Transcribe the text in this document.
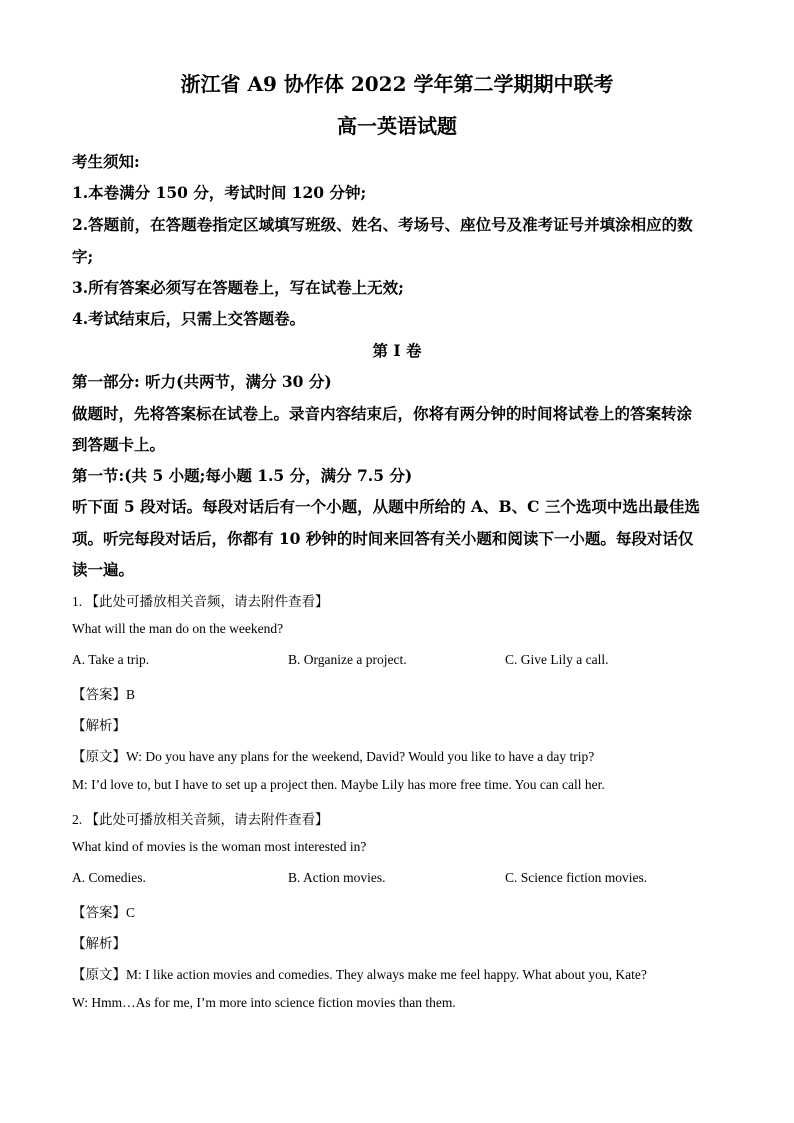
浙江省 A9 协作体 2022 学年第二学期期中联考
高一英语试题
考生须知:
1.本卷满分 150 分，考试时间 120 分钟;
2.答题前，在答题卷指定区域填写班级、姓名、考场号、座位号及准考证号并填涂相应的数
字;
3.所有答案必须写在答题卷上，写在试卷上无效;
4.考试结束后，只需上交答题卷。
第 I 卷
第一部分: 听力(共两节，满分 30 分)
做题时，先将答案标在试卷上。录音内容结束后，你将有两分钟的时间将试卷上的答案转涂
到答题卡上。
第一节:(共 5 小题;每小题 1.5 分，满分 7.5 分)
听下面 5 段对话。每段对话后有一个小题，从题中所给的 A、B、C 三个选项中选出最佳选
项。听完每段对话后，你都有 10 秒钟的时间来回答有关小题和阅读下一小题。每段对话仅
读一遍。
1. 【此处可播放相关音频，请去附件查看】
What will the man do on the weekend?
A. Take a trip.	B. Organize a project.	C. Give Lily a call.
【答案】B
【解析】
【原文】W: Do you have any plans for the weekend, David? Would you like to have a day trip?
M: I’d love to, but I have to set up a project then. Maybe Lily has more free time. You can call her.
2. 【此处可播放相关音频，请去附件查看】
What kind of movies is the woman most interested in?
A. Comedies.	B. Action movies.	C. Science fiction movies.
【答案】C
【解析】
【原文】M: I like action movies and comedies. They always make me feel happy. What about you, Kate?
W: Hmm…As for me, I’m more into science fiction movies than them.
